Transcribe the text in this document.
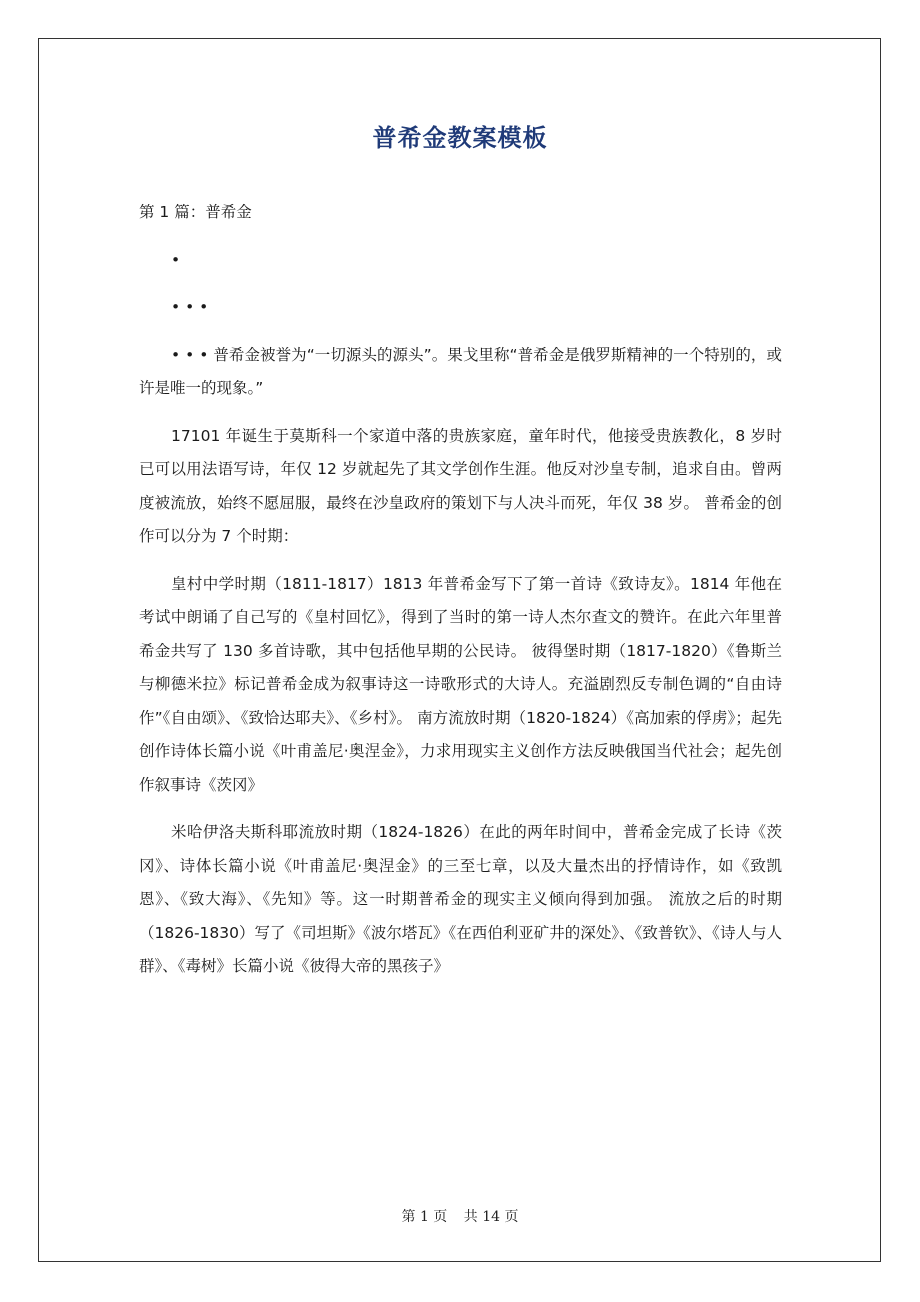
普希金教案模板

第 1 篇：普希金

•

• • •

• • • 普希金被誉为“一切源头的源头”。果戈里称“普希金是俄罗斯精神的一个特别的，或许是唯一的现象。”

17101 年诞生于莫斯科一个家道中落的贵族家庭，童年时代，他接受贵族教化，8 岁时已可以用法语写诗，年仅 12 岁就起先了其文学创作生涯。他反对沙皇专制，追求自由。曾两度被流放，始终不愿屈服，最终在沙皇政府的策划下与人决斗而死，年仅 38 岁。 普希金的创作可以分为 7 个时期：

皇村中学时期（1811-1817）1813 年普希金写下了第一首诗《致诗友》。1814 年他在考试中朗诵了自己写的《皇村回忆》，得到了当时的第一诗人杰尔查文的赞许。在此六年里普希金共写了 130 多首诗歌，其中包括他早期的公民诗。 彼得堡时期（1817-1820）《鲁斯兰与柳德米拉》标记普希金成为叙事诗这一诗歌形式的大诗人。充溢剧烈反专制色调的“自由诗作”《自由颂》、《致恰达耶夫》、《乡村》。 南方流放时期（1820-1824）《高加索的俘虏》；起先创作诗体长篇小说《叶甫盖尼·奥涅金》，力求用现实主义创作方法反映俄国当代社会；起先创作叙事诗《茨冈》

米哈伊洛夫斯科耶流放时期（1824-1826）在此的两年时间中，普希金完成了长诗《茨冈》、诗体长篇小说《叶甫盖尼·奥涅金》的三至七章，以及大量杰出的抒情诗作，如《致凯恩》、《致大海》、《先知》等。这一时期普希金的现实主义倾向得到加强。 流放之后的时期（1826-1830）写了《司坦斯》《波尔塔瓦》《在西伯利亚矿井的深处》、《致普钦》、《诗人与人群》、《毒树》长篇小说《彼得大帝的黑孩子》

第 1 页 共 14 页
